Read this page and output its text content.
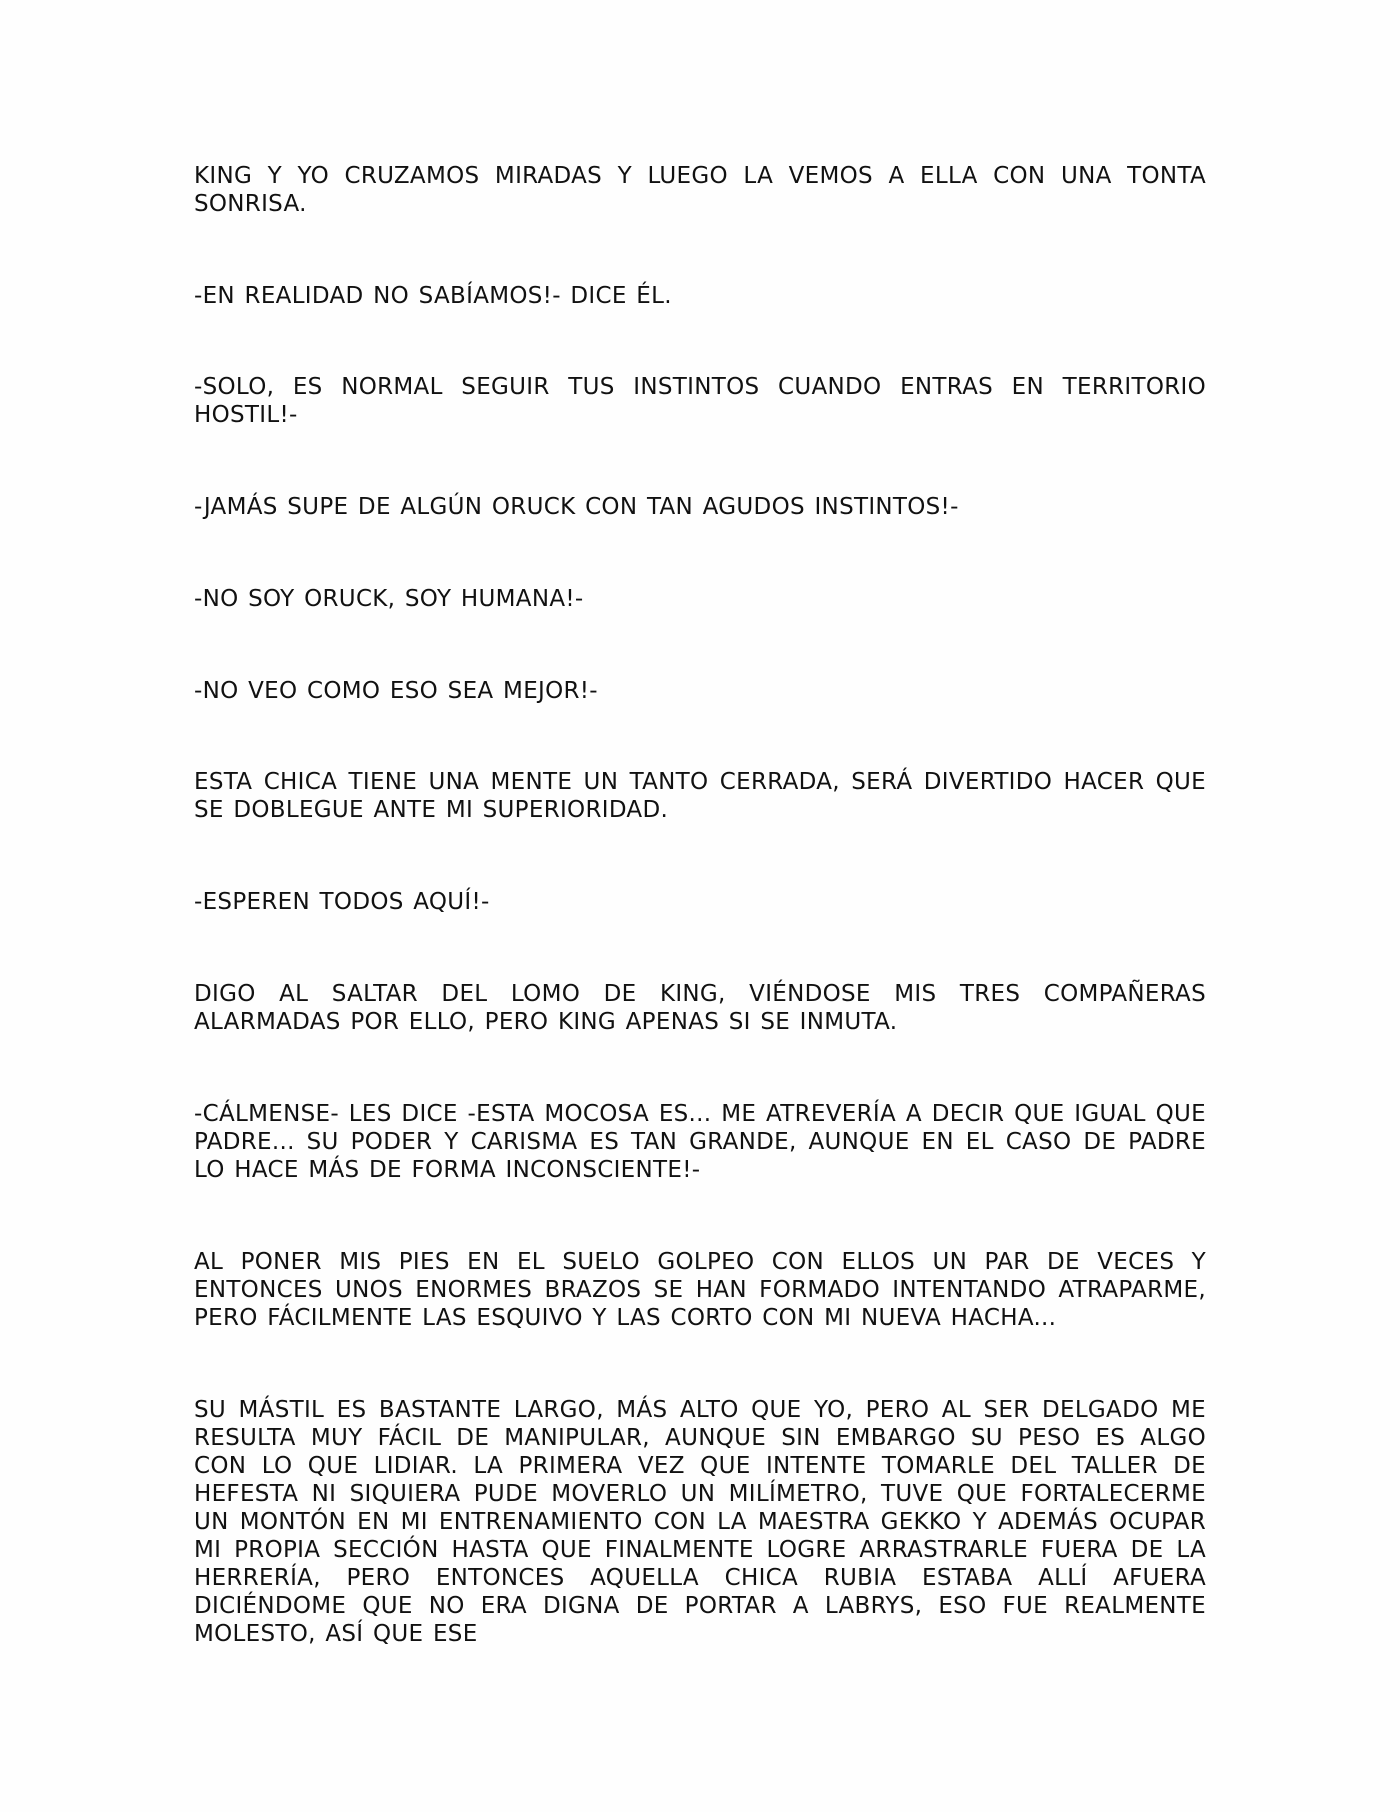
KING Y YO CRUZAMOS MIRADAS Y LUEGO LA VEMOS A ELLA CON UNA TONTA SONRISA.

-EN REALIDAD NO SABÍAMOS!- DICE ÉL.

-SOLO, ES NORMAL SEGUIR TUS INSTINTOS CUANDO ENTRAS EN TERRITORIO HOSTIL!-

-JAMÁS SUPE DE ALGÚN ORUCK CON TAN AGUDOS INSTINTOS!-

-NO SOY ORUCK, SOY HUMANA!-

-NO VEO COMO ESO SEA MEJOR!-

ESTA CHICA TIENE UNA MENTE UN TANTO CERRADA, SERÁ DIVERTIDO HACER QUE SE DOBLEGUE ANTE MI SUPERIORIDAD.

-ESPEREN TODOS AQUÍ!-

DIGO AL SALTAR DEL LOMO DE KING, VIÉNDOSE MIS TRES COMPAÑERAS ALARMADAS POR ELLO, PERO KING APENAS SI SE INMUTA.

-CÁLMENSE- LES DICE -ESTA MOCOSA ES... ME ATREVERÍA A DECIR QUE IGUAL QUE PADRE... SU PODER Y CARISMA ES TAN GRANDE, AUNQUE EN EL CASO DE PADRE LO HACE MÁS DE FORMA INCONSCIENTE!-

AL PONER MIS PIES EN EL SUELO GOLPEO CON ELLOS UN PAR DE VECES Y ENTONCES UNOS ENORMES BRAZOS SE HAN FORMADO INTENTANDO ATRAPARME, PERO FÁCILMENTE LAS ESQUIVO Y LAS CORTO CON MI NUEVA HACHA...

SU MÁSTIL ES BASTANTE LARGO, MÁS ALTO QUE YO, PERO AL SER DELGADO ME RESULTA MUY FÁCIL DE MANIPULAR, AUNQUE SIN EMBARGO SU PESO ES ALGO CON LO QUE LIDIAR. LA PRIMERA VEZ QUE INTENTE TOMARLE DEL TALLER DE HEFESTA NI SIQUIERA PUDE MOVERLO UN MILÍMETRO, TUVE QUE FORTALECERME UN MONTÓN EN MI ENTRENAMIENTO CON LA MAESTRA GEKKO Y ADEMÁS OCUPAR MI PROPIA SECCIÓN HASTA QUE FINALMENTE LOGRE ARRASTRARLE FUERA DE LA HERRERÍA, PERO ENTONCES AQUELLA CHICA RUBIA ESTABA ALLÍ AFUERA DICIÉNDOME QUE NO ERA DIGNA DE PORTAR A LABRYS, ESO FUE REALMENTE MOLESTO, ASÍ QUE ESE
